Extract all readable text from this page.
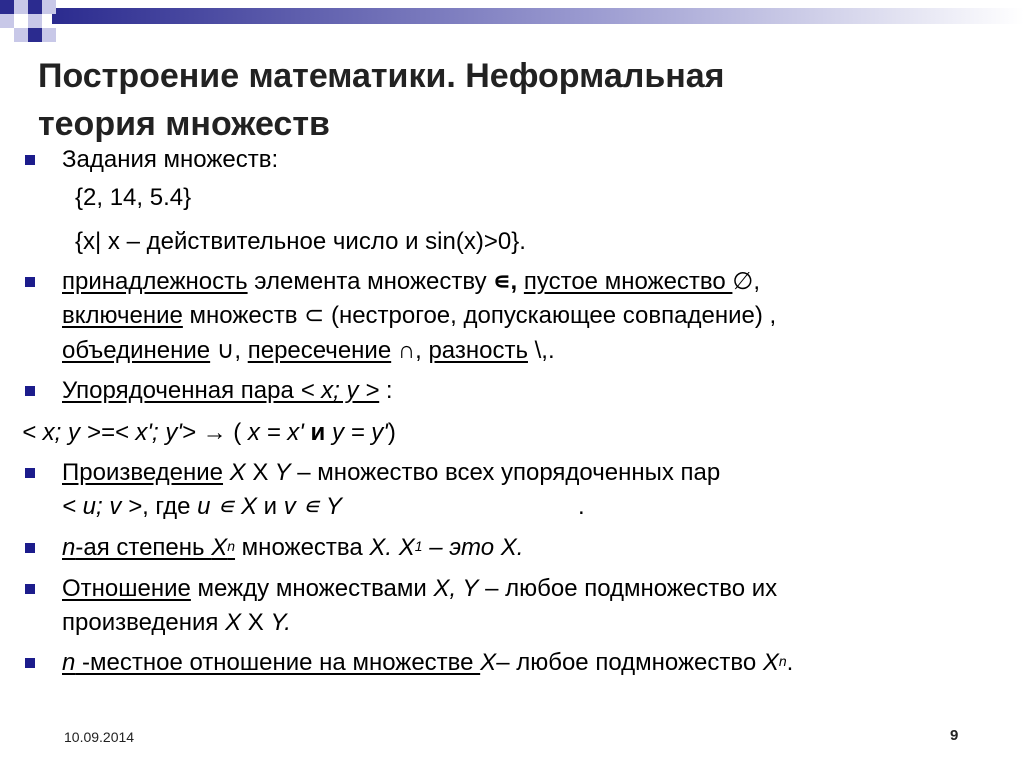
Построение математики. Неформальная
теория множеств
Задания множеств:
{2, 14, 5.4}
{x| x – действительное число и sin(x)>0}.
принадлежность элемента множеству ∊, пустое множество ∅,
включение множеств ⊂ (нестрогое, допускающее совпадение) ,
объединение ∪, пересечение ∩, разность \,.
Упорядоченная пара < x; y > :
< x; y >=< x'; y'> → ( x = x' и y = y')
Произведение X X Y – множество всех упорядоченных пар
< u; v >, где u ∊ X и v ∊ Y	.
n-ая степень $X^n$ множества X. $X^1$ – это X.
Отношение между множествами X, Y – любое подмножество их
произведения X X Y.
n -местное отношение на множестве X– любое подмножество $X^n$.
10.09.2014	9
